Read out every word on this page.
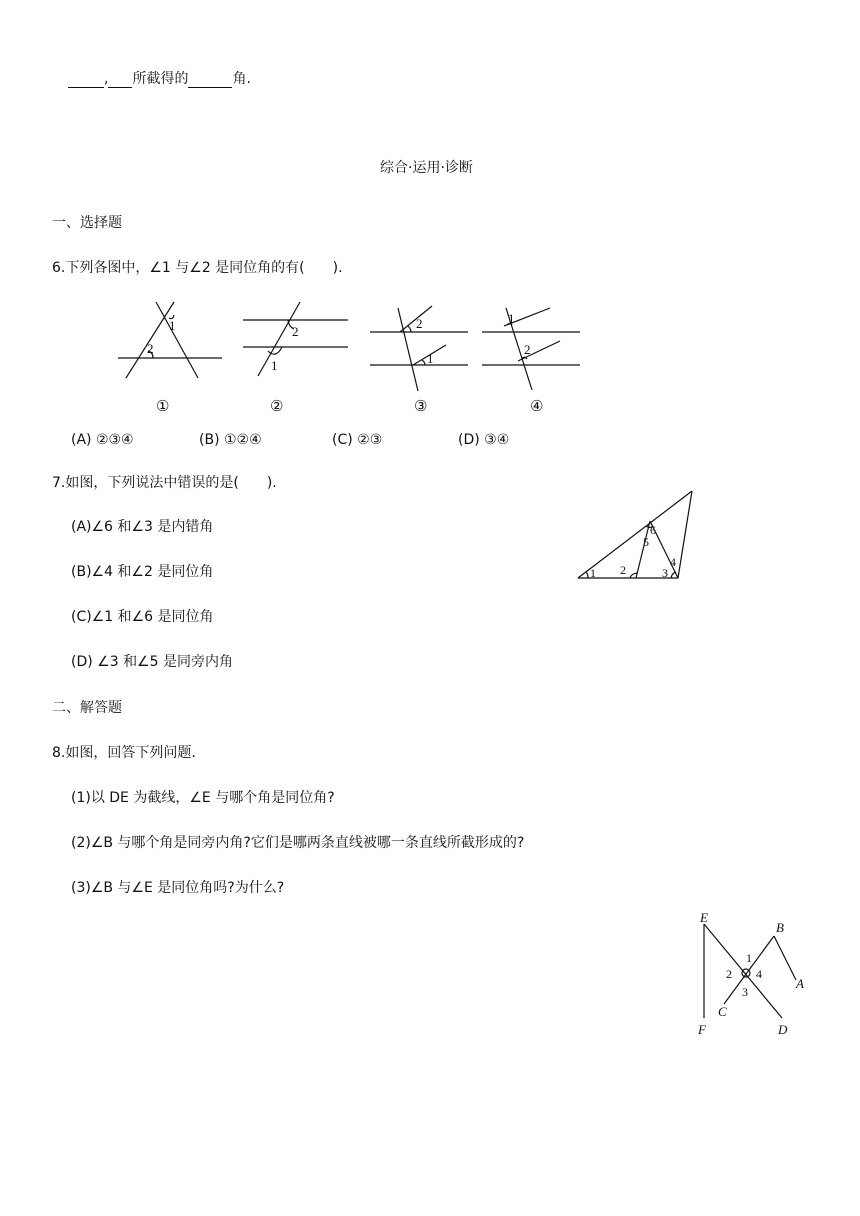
, 所截得的	角.
综合·运用·诊断
一、选择题
6.下列各图中，∠1 与∠2 是同位角的有(　　).
1
2
2
1
2
1
1
2
①	②	③	④
(A) ②③④	(B) ①②④	(C) ②③	(D) ③④
7.如图，下列说法中错误的是(　　).
(A)∠6 和∠3 是内错角
(B)∠4 和∠2 是同位角
(C)∠1 和∠6 是同位角
(D) ∠3 和∠5 是同旁内角
1 2	3
4
5
6
二、解答题
8.如图，回答下列问题.
(1)以 DE 为截线，∠E 与哪个角是同位角?
(2)∠B 与哪个角是同旁内角?它们是哪两条直线被哪一条直线所截形成的?
(3)∠B 与∠E 是同位角吗?为什么?
E
B
A
F
C
D
1
2
3
4
